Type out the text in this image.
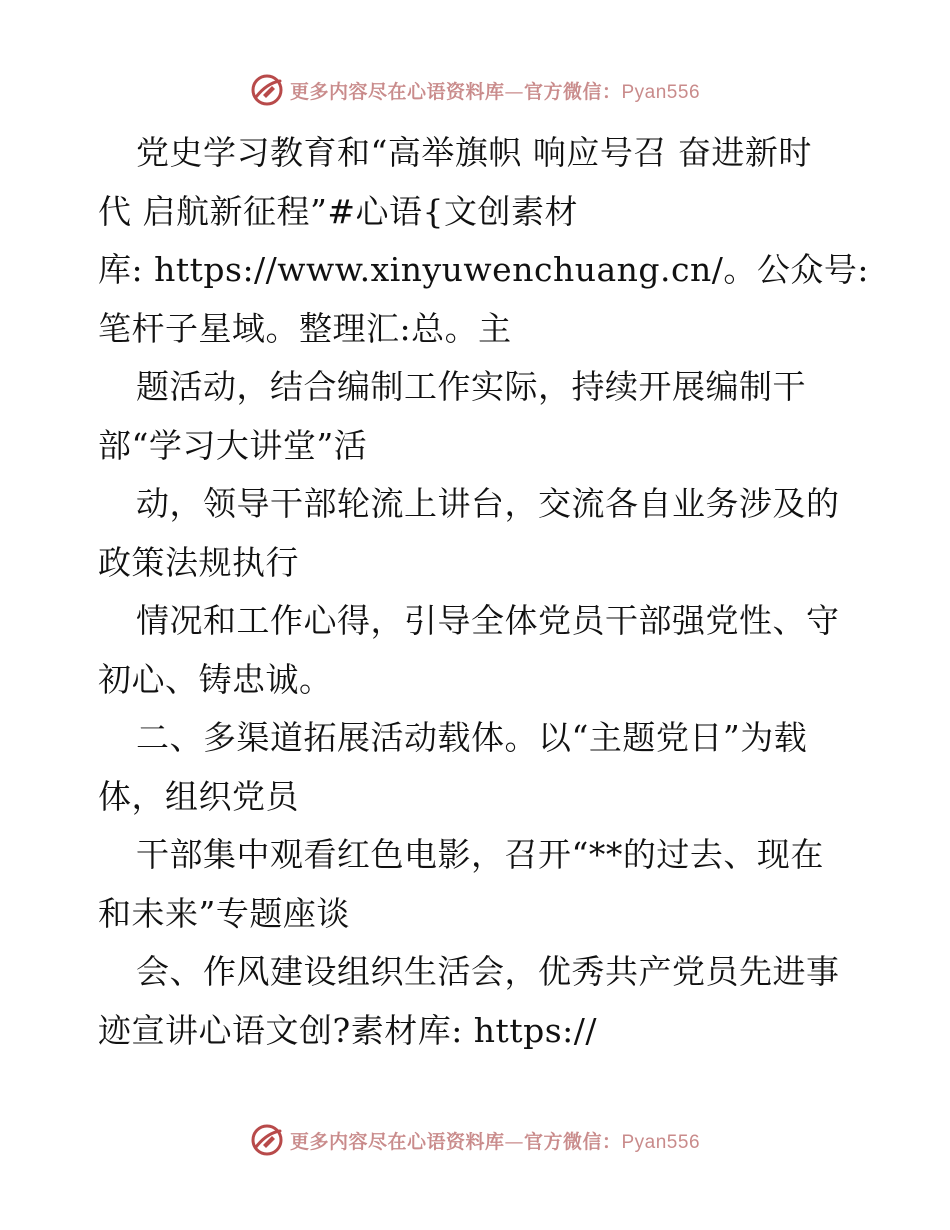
更多内容尽在心语资料库—官方微信：Pyan556
党史学习教育和“高举旗帜 响应号召 奋进新时
代 启航新征程”#心语{文创素材
库: https://www.xinyuwenchuang.cn/。公众号:
笔杆子星域。整理汇:总。主
题活动，结合编制工作实际，持续开展编制干
部“学习大讲堂”活
动，领导干部轮流上讲台，交流各自业务涉及的
政策法规执行
情况和工作心得，引导全体党员干部强党性、守
初心、铸忠诚。
二、多渠道拓展活动载体。以“主题党日”为载
体，组织党员
干部集中观看红色电影，召开“**的过去、现在
和未来”专题座谈
会、作风建设组织生活会，优秀共产党员先进事
迹宣讲心语文创?素材库: https://
更多内容尽在心语资料库—官方微信：Pyan556
